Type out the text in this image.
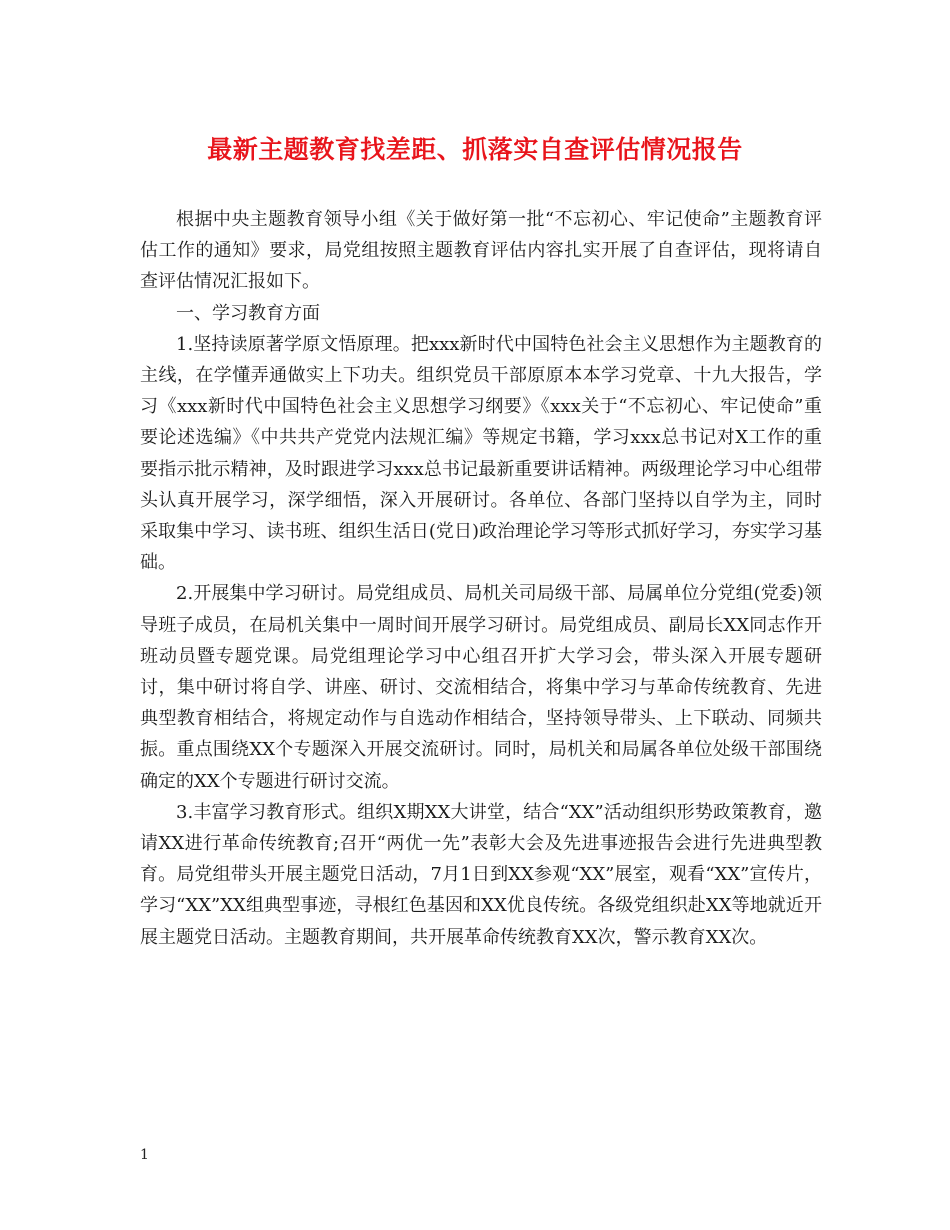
最新主题教育找差距、抓落实自查评估情况报告

根据中央主题教育领导小组《关于做好第一批“不忘初心、牢记使命”主题教育评估工作的通知》要求，局党组按照主题教育评估内容扎实开展了自查评估，现将请自查评估情况汇报如下。

一、学习教育方面

1.坚持读原著学原文悟原理。把xxx新时代中国特色社会主义思想作为主题教育的主线，在学懂弄通做实上下功夫。组织党员干部原原本本学习党章、十九大报告，学习《xxx新时代中国特色社会主义思想学习纲要》《xxx关于“不忘初心、牢记使命”重要论述选编》《中共共产党党内法规汇编》等规定书籍，学习xxx总书记对X工作的重要指示批示精神，及时跟进学习xxx总书记最新重要讲话精神。两级理论学习中心组带头认真开展学习，深学细悟，深入开展研讨。各单位、各部门坚持以自学为主，同时采取集中学习、读书班、组织生活日(党日)政治理论学习等形式抓好学习，夯实学习基础。

2.开展集中学习研讨。局党组成员、局机关司局级干部、局属单位分党组(党委)领导班子成员，在局机关集中一周时间开展学习研讨。局党组成员、副局长XX同志作开班动员暨专题党课。局党组理论学习中心组召开扩大学习会，带头深入开展专题研讨，集中研讨将自学、讲座、研讨、交流相结合，将集中学习与革命传统教育、先进典型教育相结合，将规定动作与自选动作相结合，坚持领导带头、上下联动、同频共振。重点围绕XX个专题深入开展交流研讨。同时，局机关和局属各单位处级干部围绕确定的XX个专题进行研讨交流。

3.丰富学习教育形式。组织X期XX大讲堂，结合“XX”活动组织形势政策教育，邀请XX进行革命传统教育;召开“两优一先”表彰大会及先进事迹报告会进行先进典型教育。局党组带头开展主题党日活动，7月1日到XX参观“XX”展室，观看“XX”宣传片，学习“XX”XX组典型事迹，寻根红色基因和XX优良传统。各级党组织赴XX等地就近开展主题党日活动。主题教育期间，共开展革命传统教育XX次，警示教育XX次。

1
